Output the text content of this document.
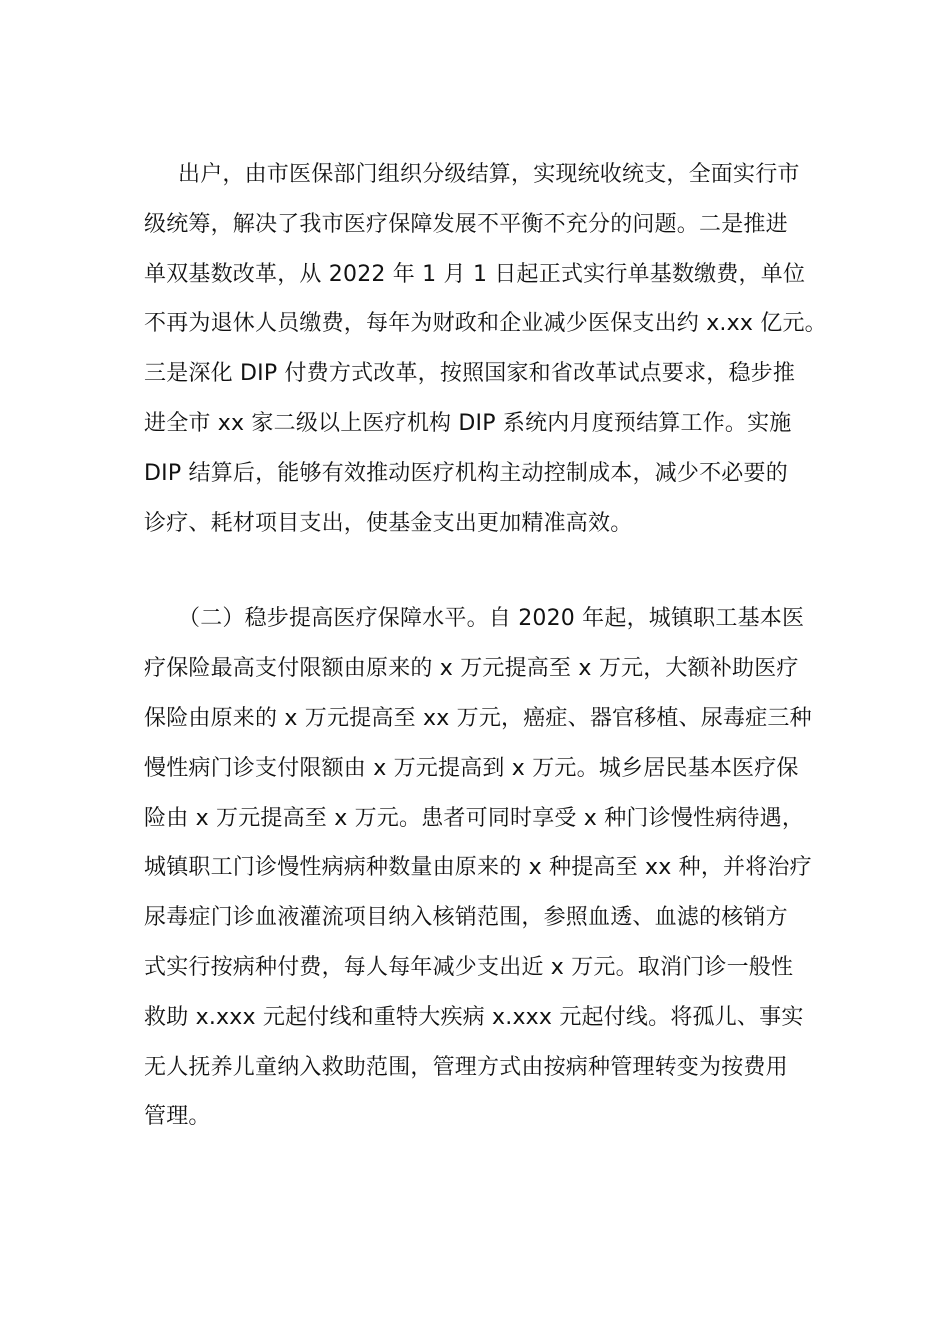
出户，由市医保部门组织分级结算，实现统收统支，全面实行市
级统筹，解决了我市医疗保障发展不平衡不充分的问题。二是推进
单双基数改革，从 2022 年 1 月 1 日起正式实行单基数缴费，单位
不再为退休人员缴费，每年为财政和企业减少医保支出约 x.xx 亿元。
三是深化 DIP 付费方式改革，按照国家和省改革试点要求，稳步推
进全市 xx 家二级以上医疗机构 DIP 系统内月度预结算工作。实施
DIP 结算后，能够有效推动医疗机构主动控制成本，减少不必要的
诊疗、耗材项目支出，使基金支出更加精准高效。

（二）稳步提高医疗保障水平。自 2020 年起，城镇职工基本医
疗保险最高支付限额由原来的 x 万元提高至 x 万元，大额补助医疗
保险由原来的 x 万元提高至 xx 万元，癌症、器官移植、尿毒症三种
慢性病门诊支付限额由 x 万元提高到 x 万元。城乡居民基本医疗保
险由 x 万元提高至 x 万元。患者可同时享受 x 种门诊慢性病待遇，
城镇职工门诊慢性病病种数量由原来的 x 种提高至 xx 种，并将治疗
尿毒症门诊血液灌流项目纳入核销范围，参照血透、血滤的核销方
式实行按病种付费，每人每年减少支出近 x 万元。取消门诊一般性
救助 x.xxx 元起付线和重特大疾病 x.xxx 元起付线。将孤儿、事实
无人抚养儿童纳入救助范围，管理方式由按病种管理转变为按费用
管理。
